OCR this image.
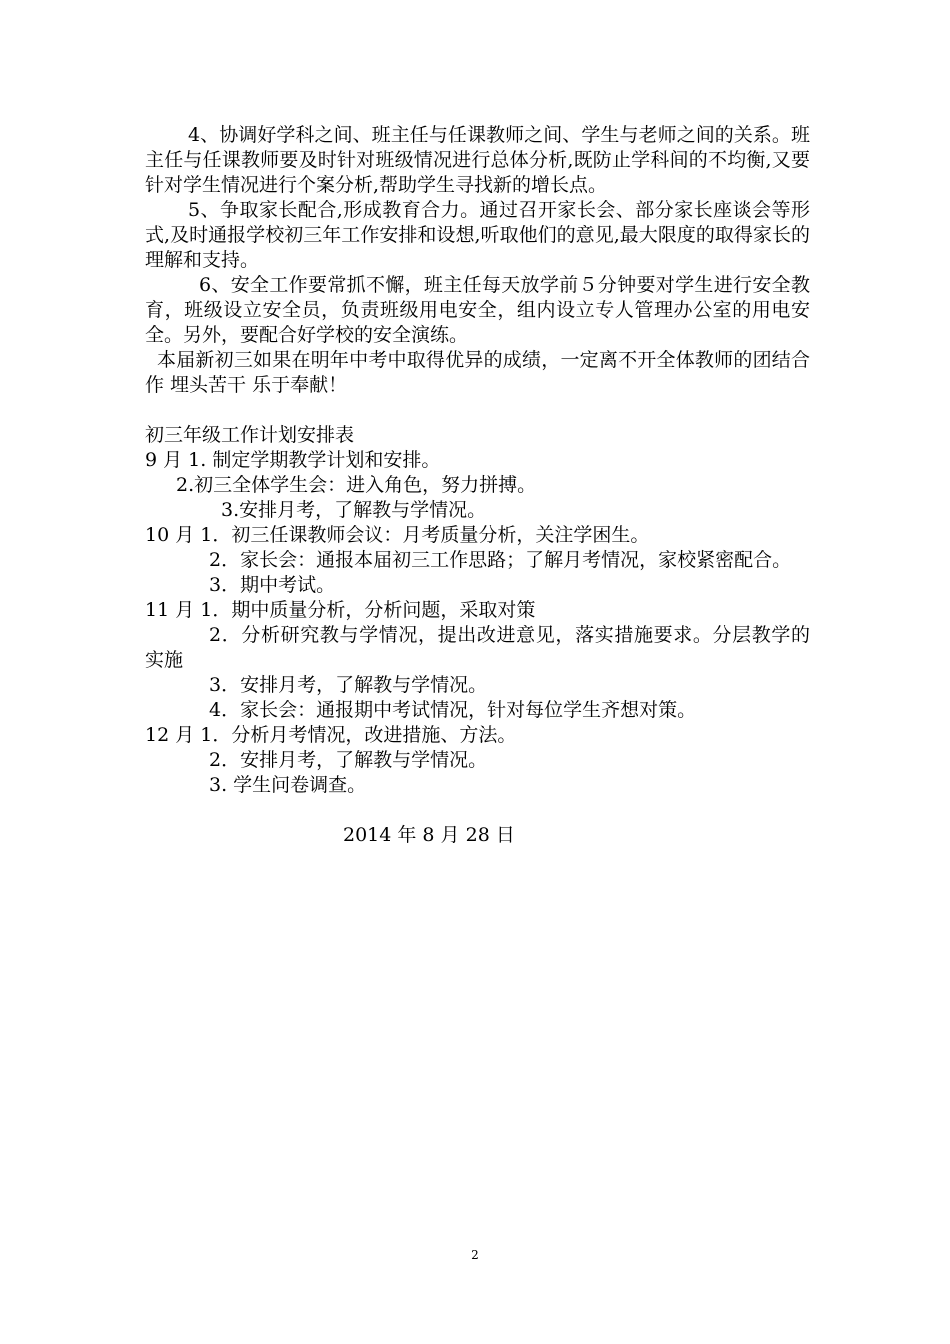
4、协调好学科之间、班主任与任课教师之间、学生与老师之间的关系。班主任与任课教师要及时针对班级情况进行总体分析,既防止学科间的不均衡,又要针对学生情况进行个案分析,帮助学生寻找新的增长点。

5、争取家长配合,形成教育合力。通过召开家长会、部分家长座谈会等形式,及时通报学校初三年工作安排和设想,听取他们的意见,最大限度的取得家长的理解和支持。

6、安全工作要常抓不懈，班主任每天放学前５分钟要对学生进行安全教育，班级设立安全员，负责班级用电安全，组内设立专人管理办公室的用电安全。另外，要配合好学校的安全演练。

本届新初三如果在明年中考中取得优异的成绩，一定离不开全体教师的团结合作 埋头苦干 乐于奉献！

初三年级工作计划安排表

9 月 1. 制定学期教学计划和安排。

2.初三全体学生会：进入角色，努力拼搏。

3.安排月考，了解教与学情况。

10 月 1．初三任课教师会议：月考质量分析，关注学困生。

2．家长会：通报本届初三工作思路；了解月考情况，家校紧密配合。

3．期中考试。

11 月 1．期中质量分析，分析问题，采取对策

2．分析研究教与学情况，提出改进意见，落实措施要求。分层教学的实施

3．安排月考，了解教与学情况。

4．家长会：通报期中考试情况，针对每位学生齐想对策。

12 月 1．分析月考情况，改进措施、方法。

2．安排月考，了解教与学情况。

3. 学生问卷调查。

2014 年 8 月 28 日

2
